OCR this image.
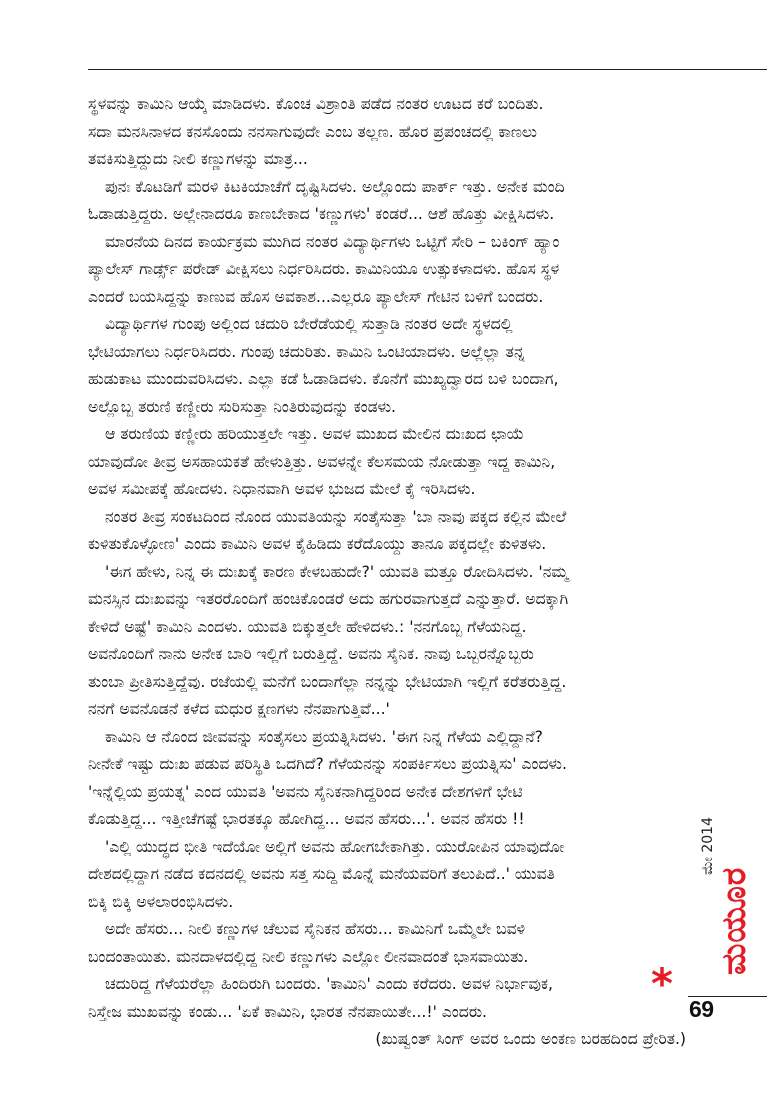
ಸ್ಥಳವನ್ನು ಕಾಮಿನಿ ಆಯ್ಕೆ ಮಾಡಿದಳು. ಕೊಂಚ ವಿಶ್ರಾಂತಿ ಪಡೆದ ನಂತರ ಊಟದ ಕರೆ ಬಂದಿತು.
ಸದಾ ಮನಸಿನಾಳದ ಕನಸೊಂದು ನನಸಾಗುವುದೇ ಎಂಬ ತಲ್ಲಣ. ಹೊರ ಪ್ರಪಂಚದಲ್ಲಿ ಕಾಣಲು
ತವಕಿಸುತ್ತಿದ್ದುದು ನೀಲಿ ಕಣ್ಣುಗಳನ್ನು ಮಾತ್ರ...
ಪುನಃ ಕೊಟಡಿಗೆ ಮರಳಿ ಕಿಟಕಿಯಾಚೆಗೆ ದೃಷ್ಟಿಸಿದಳು. ಅಲ್ಲೊಂದು ಪಾರ್ಕ್ ಇತ್ತು. ಅನೇಕ ಮಂದಿ
ಓಡಾಡುತ್ತಿದ್ದರು. ಅಲ್ಲೇನಾದರೂ ಕಾಣಬೇಕಾದ 'ಕಣ್ಣುಗಳು' ಕಂಡರೆ... ಆಶೆ ಹೊತ್ತು ವೀಕ್ಷಿಸಿದಳು.
ಮಾರನೆಯ ದಿನದ ಕಾರ್ಯಕ್ರಮ ಮುಗಿದ ನಂತರ ವಿದ್ಯಾರ್ಥಿಗಳು ಒಟ್ಟಿಗೆ ಸೇರಿ – ಬಕಿಂಗ್ ಹ್ಯಾಂ
ಪ್ಯಾಲೇಸ್ ಗಾರ್ಡ್ಸ್ ಪರೇಡ್ ವೀಕ್ಷಿಸಲು ನಿರ್ಧರಿಸಿದರು. ಕಾಮಿನಿಯೂ ಉತ್ಸುಕಳಾದಳು. ಹೊಸ ಸ್ಥಳ
ಎಂದರೆ ಬಯಸಿದ್ದನ್ನು ಕಾಣುವ ಹೊಸ ಅವಕಾಶ...ಎಲ್ಲರೂ ಪ್ಯಾಲೇಸ್ ಗೇಟಿನ ಬಳಿಗೆ ಬಂದರು.
ವಿದ್ಯಾರ್ಥಿಗಳ ಗುಂಪು ಅಲ್ಲಿಂದ ಚದುರಿ ಬೇರೆಡೆಯಲ್ಲಿ ಸುತ್ತಾಡಿ ನಂತರ ಅದೇ ಸ್ಥಳದಲ್ಲಿ
ಭೇಟಿಯಾಗಲು ನಿರ್ಧರಿಸಿದರು. ಗುಂಪು ಚದುರಿತು. ಕಾಮಿನಿ ಒಂಟಿಯಾದಳು. ಅಲ್ಲೆಲ್ಲಾ ತನ್ನ
ಹುಡುಕಾಟ ಮುಂದುವರಿಸಿದಳು. ಎಲ್ಲಾ ಕಡೆ ಓಡಾಡಿದಳು. ಕೊನೆಗೆ ಮುಖ್ಯದ್ವಾರದ ಬಳಿ ಬಂದಾಗ,
ಅಲ್ಲೊಬ್ಬ ತರುಣಿ ಕಣ್ಣೀರು ಸುರಿಸುತ್ತಾ ನಿಂತಿರುವುದನ್ನು ಕಂಡಳು.
ಆ ತರುಣಿಯ ಕಣ್ಣೀರು ಹರಿಯುತ್ತಲೇ ಇತ್ತು. ಅವಳ ಮುಖದ ಮೇಲಿನ ದುಃಖದ ಛಾಯೆ
ಯಾವುದೋ ತೀವ್ರ ಅಸಹಾಯಕತೆ ಹೇಳುತ್ತಿತ್ತು. ಅವಳನ್ನೇ ಕೆಲಸಮಯ ನೋಡುತ್ತಾ ಇದ್ದ ಕಾಮಿನಿ,
ಅವಳ ಸಮೀಪಕ್ಕೆ ಹೋದಳು. ನಿಧಾನವಾಗಿ ಅವಳ ಭುಜದ ಮೇಲೆ ಕೈ ಇರಿಸಿದಳು.
ನಂತರ ತೀವ್ರ ಸಂಕಟದಿಂದ ನೊಂದ ಯುವತಿಯನ್ನು ಸಂತೈಸುತ್ತಾ 'ಬಾ ನಾವು ಪಕ್ಕದ ಕಲ್ಲಿನ ಮೇಲೆ
ಕುಳಿತುಕೊಳ್ಳೋಣ' ಎಂದು ಕಾಮಿನಿ ಅವಳ ಕೈಹಿಡಿದು ಕರೆದೊಯ್ದು ತಾನೂ ಪಕ್ಕದಲ್ಲೇ ಕುಳಿತಳು.
'ಈಗ ಹೇಳು, ನಿನ್ನ ಈ ದುಃಖಕ್ಕೆ ಕಾರಣ ಕೇಳಬಹುದೇ?' ಯುವತಿ ಮತ್ತೂ ರೋದಿಸಿದಳು. 'ನಮ್ಮ
ಮನಸ್ಸಿನ ದುಃಖವನ್ನು ಇತರರೊಂದಿಗೆ ಹಂಚಿಕೊಂಡರೆ ಅದು ಹಗುರವಾಗುತ್ತದೆ ಎನ್ನುತ್ತಾರೆ. ಅದಕ್ಕಾಗಿ
ಕೇಳಿದೆ ಅಷ್ಟೆ' ಕಾಮಿನಿ ಎಂದಳು. ಯುವತಿ ಬಿಕ್ಕುತ್ತಲೇ ಹೇಳಿದಳು.: 'ನನಗೊಬ್ಬ ಗೆಳೆಯನಿದ್ದ.
ಅವನೊಂದಿಗೆ ನಾನು ಅನೇಕ ಬಾರಿ ಇಲ್ಲಿಗೆ ಬರುತ್ತಿದ್ದೆ. ಅವನು ಸೈನಿಕ. ನಾವು ಒಬ್ಬರನ್ನೊಬ್ಬರು
ತುಂಬಾ ಪ್ರೀತಿಸುತ್ತಿದ್ದೆವು. ರಜೆಯಲ್ಲಿ ಮನೆಗೆ ಬಂದಾಗೆಲ್ಲಾ ನನ್ನನ್ನು ಭೇಟಿಯಾಗಿ ಇಲ್ಲಿಗೆ ಕರೆತರುತ್ತಿದ್ದ.
ನನಗೆ ಅವನೊಡನೆ ಕಳೆದ ಮಧುರ ಕ್ಷಣಗಳು ನೆನಪಾಗುತ್ತಿವೆ...'
ಕಾಮಿನಿ ಆ ನೊಂದ ಜೀವವನ್ನು ಸಂತೈಸಲು ಪ್ರಯತ್ನಿಸಿದಳು. 'ಈಗ ನಿನ್ನ ಗೆಳೆಯ ಎಲ್ಲಿದ್ದಾನೆ?
ನೀನೇಕೆ ಇಷ್ಟು ದುಃಖ ಪಡುವ ಪರಿಸ್ಥಿತಿ ಒದಗಿದೆ? ಗೆಳೆಯನನ್ನು ಸಂಪರ್ಕಿಸಲು ಪ್ರಯತ್ನಿಸು' ಎಂದಳು.
'ಇನ್ನೆಲ್ಲಿಯ ಪ್ರಯತ್ನ' ಎಂದ ಯುವತಿ 'ಅವನು ಸೈನಿಕನಾಗಿದ್ದರಿಂದ ಅನೇಕ ದೇಶಗಳಿಗೆ ಭೇಟಿ
ಕೊಡುತ್ತಿದ್ದ... ಇತ್ತೀಚೆಗಷ್ಟೆ ಭಾರತಕ್ಕೂ ಹೋಗಿದ್ದ... ಅವನ ಹೆಸರು...'. ಅವನ ಹೆಸರು !!
'ಎಲ್ಲಿ ಯುದ್ಧದ ಭೀತಿ ಇದೆಯೋ ಅಲ್ಲಿಗೆ ಅವನು ಹೋಗಬೇಕಾಗಿತ್ತು. ಯುರೋಪಿನ ಯಾವುದೋ
ದೇಶದಲ್ಲಿದ್ದಾಗ ನಡೆದ ಕದನದಲ್ಲಿ ಅವನು ಸತ್ತ ಸುದ್ದಿ ಮೊನ್ನೆ ಮನೆಯವರಿಗೆ ತಲುಪಿದೆ..' ಯುವತಿ
ಬಿಕ್ಕಿ ಬಿಕ್ಕಿ ಅಳಲಾರಂಭಿಸಿದಳು.
ಅದೇ ಹೆಸರು... ನೀಲಿ ಕಣ್ಣುಗಳ ಚೆಲುವ ಸೈನಿಕನ ಹೆಸರು... ಕಾಮಿನಿಗೆ ಒಮ್ಮೆಲೇ ಬವಳಿ
ಬಂದಂತಾಯಿತು. ಮನದಾಳದಲ್ಲಿದ್ದ ನೀಲಿ ಕಣ್ಣುಗಳು ಎಲ್ಲೋ ಲೀನವಾದಂತೆ ಭಾಸವಾಯಿತು.
ಚದುರಿದ್ದ ಗೆಳೆಯರೆಲ್ಲಾ ಹಿಂದಿರುಗಿ ಬಂದರು. 'ಕಾಮಿನಿ' ಎಂದು ಕರೆದರು. ಅವಳ ನಿರ್ಭಾವುಕ,
ನಿಸ್ತೇಜ ಮುಖವನ್ನು ಕಂಡು... 'ಏಕೆ ಕಾಮಿನಿ, ಭಾರತ ನೆನಪಾಯಿತೇ...!' ಎಂದರು.
(ಖುಷ್ವಂತ್ ಸಿಂಗ್ ಅವರ ಒಂದು ಅಂಕಣ ಬರಹದಿಂದ ಪ್ರೇರಿತ.)
ಮೇ 2014
ಮಯೂರ
*
69
